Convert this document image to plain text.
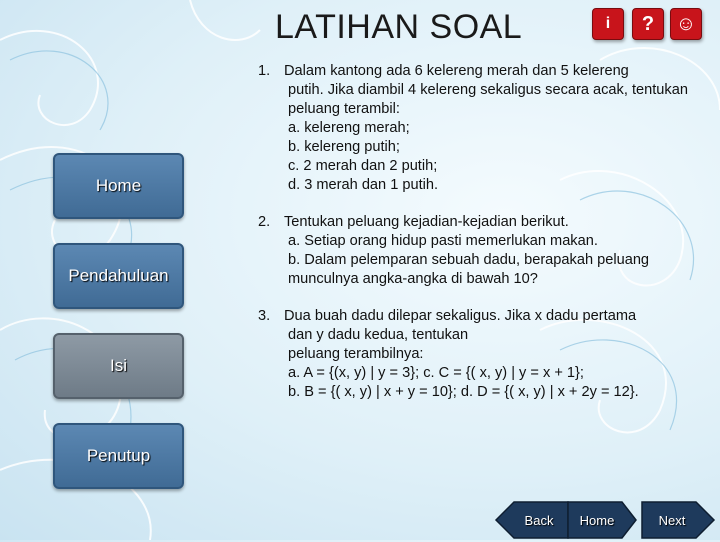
LATIHAN SOAL	i ? ☺
Home
Pendahuluan
Isi
Penutup
1. Dalam kantong ada 6 kelereng merah dan 5 kelereng
putih. Jika diambil 4 kelereng sekaligus secara acak, tentukan peluang terambil:
a. kelereng merah;
b. kelereng putih;
c. 2 merah dan 2 putih;
d. 3 merah dan 1 putih.
2. Tentukan peluang kejadian-kejadian berikut.
a. Setiap orang hidup pasti memerlukan makan.
b. Dalam pelemparan sebuah dadu, berapakah peluang munculnya angka-angka di bawah 10?
3. Dua buah dadu dilepar sekaligus. Jika x dadu pertama
dan y dadu kedua, tentukan
peluang terambilnya:
a. A = {(x, y) | y = 3}; c. C = {( x, y) | y = x + 1};
b. B = {( x, y) | x + y = 10}; d. D = {( x, y) | x + 2y = 12}.
Back Home	Next
